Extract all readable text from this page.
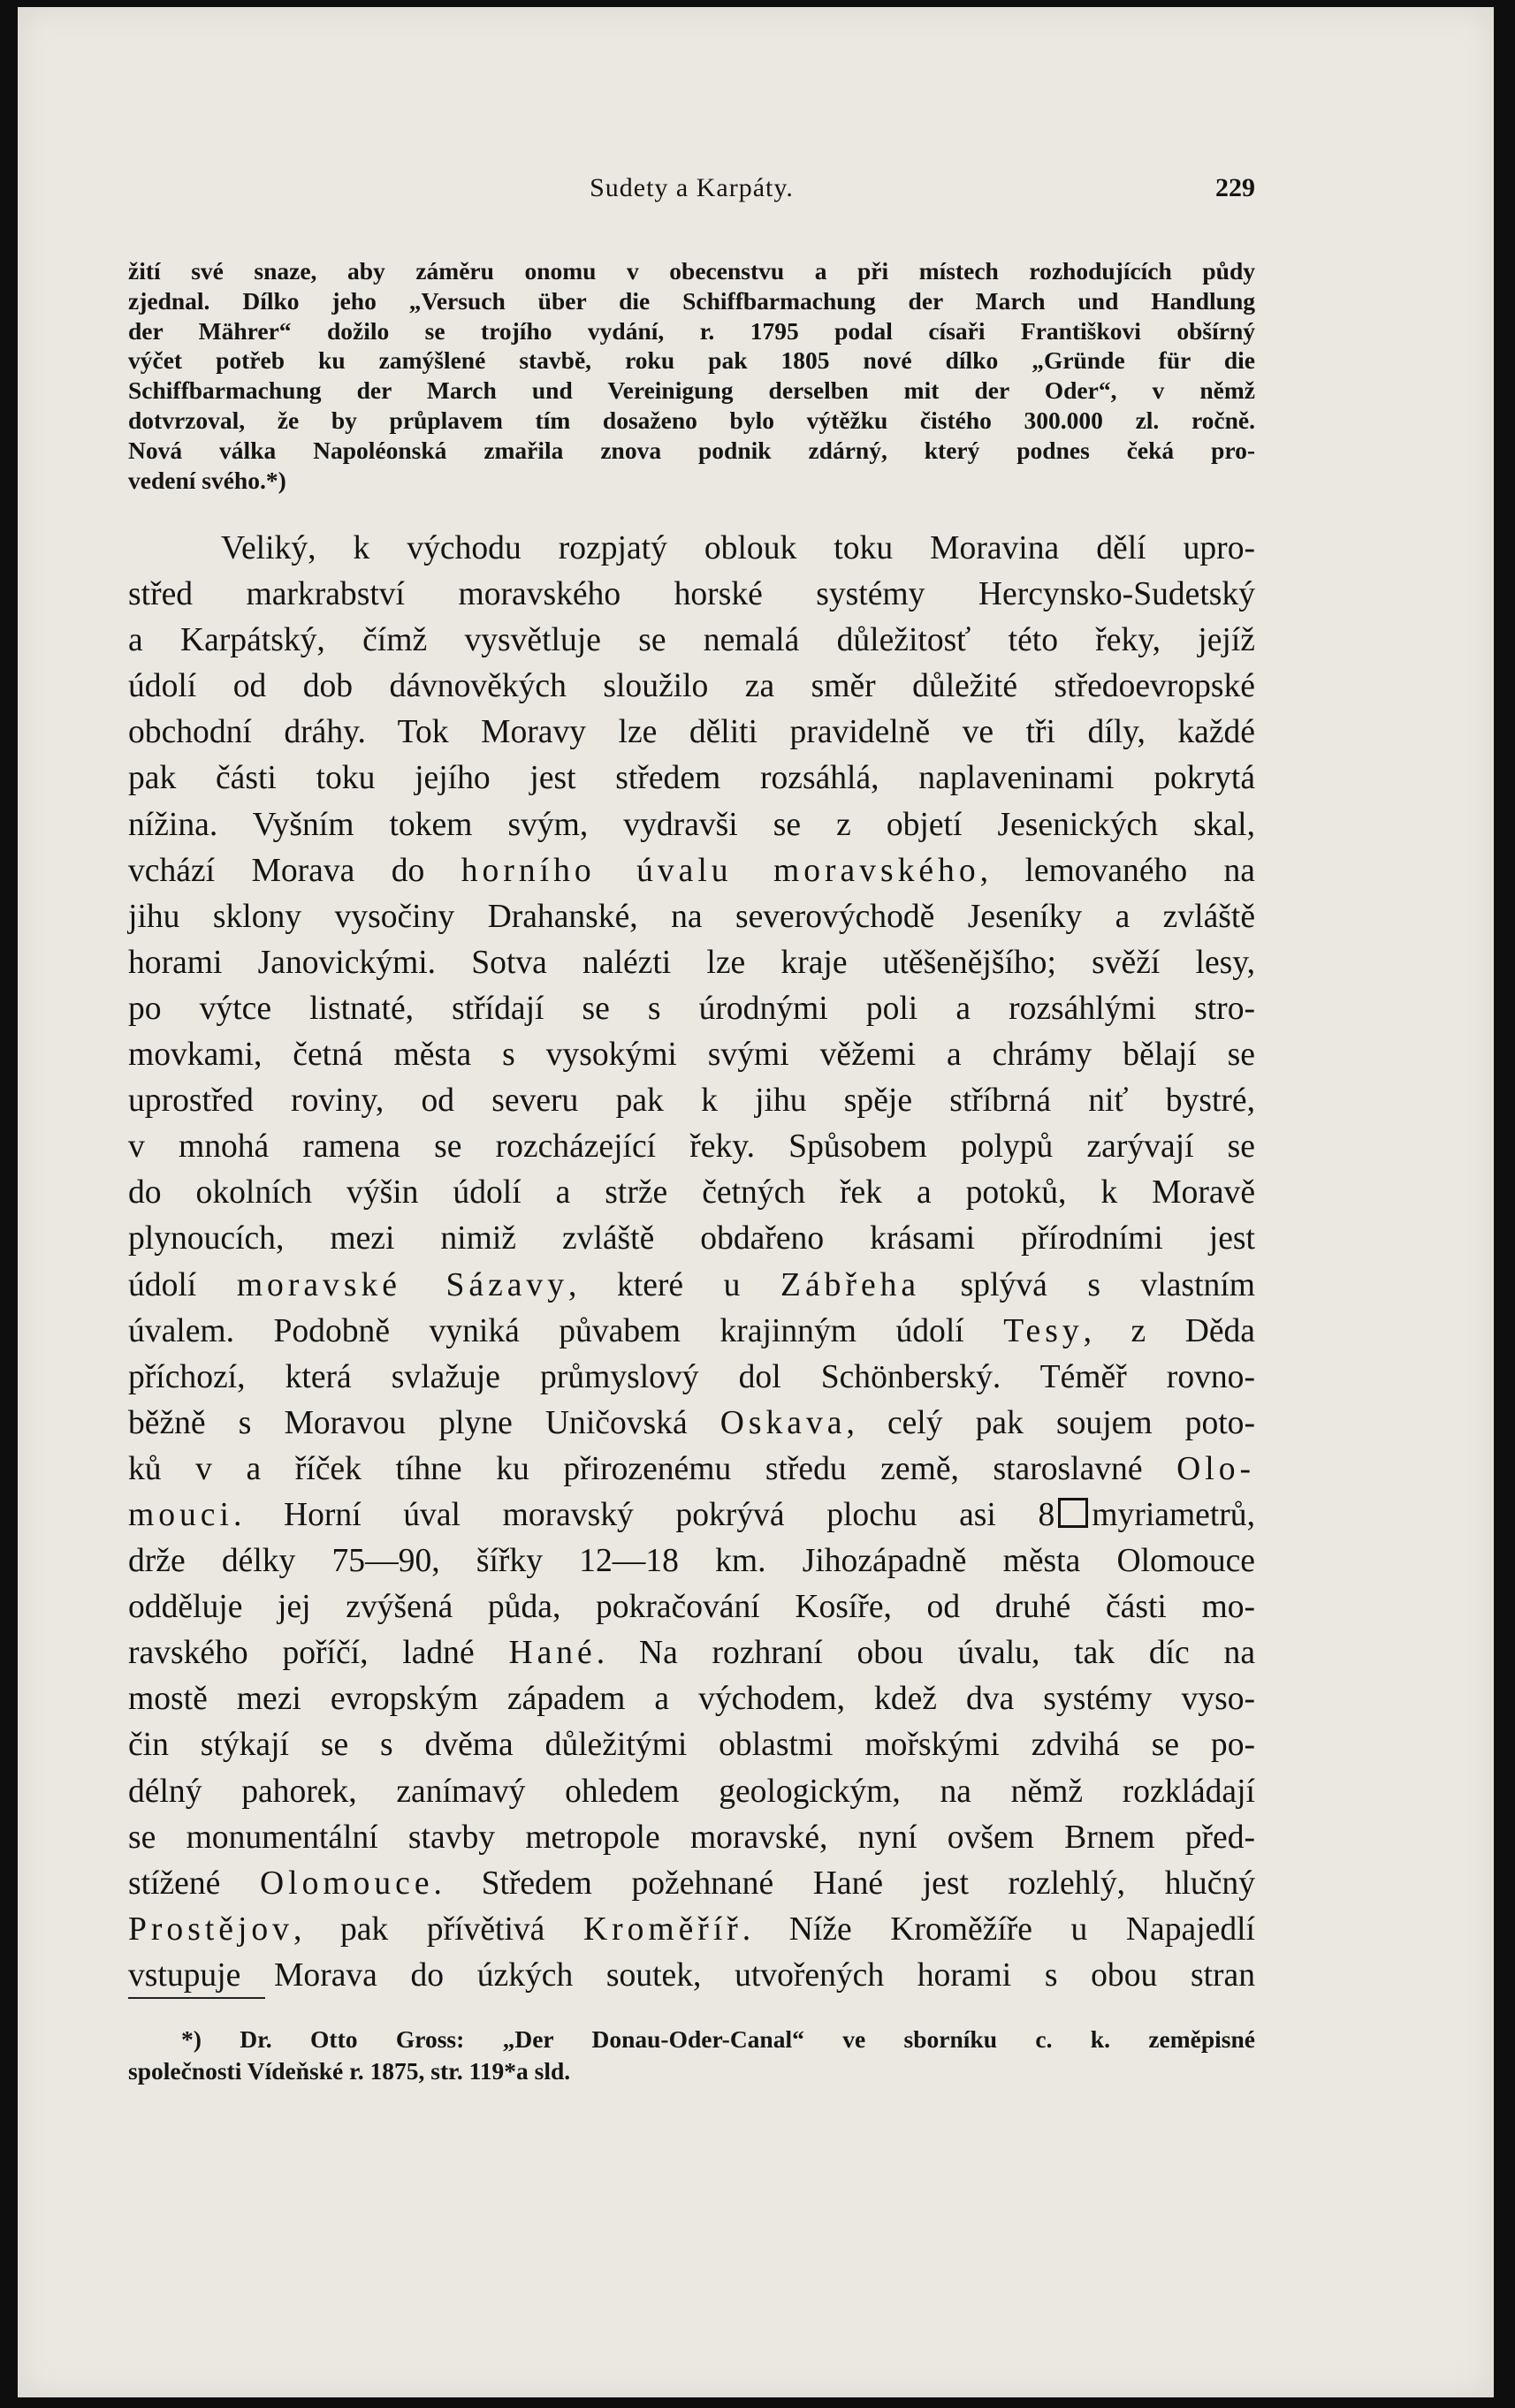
Sudety a Karpáty.	229
žití své snaze, aby záměru onomu v obecenstvu a při místech rozhodujících půdy
zjednal. Dílko jeho „Versuch über die Schiffbarmachung der March und Handlung
der Mährer“ dožilo se trojího vydání, r. 1795 podal císaři Františkovi obšírný
výčet potřeb ku zamýšlené stavbě, roku pak 1805 nové dílko „Gründe für die
Schiffbarmachung der March und Vereinigung derselben mit der Oder“, v němž
dotvrzoval, že by průplavem tím dosaženo bylo výtěžku čistého 300.000 zl. ročně.
Nová válka Napoléonská zmařila znova podnik zdárný, který podnes čeká pro-
vedení svého.*)
Veliký, k východu rozpjatý oblouk toku Moravina dělí upro-
střed markrabství moravského horské systémy Hercynsko-Sudetský
a Karpátský, čímž vysvětluje se nemalá důležitosť této řeky, jejíž
údolí od dob dávnověkých sloužilo za směr důležité středoevropské
obchodní dráhy. Tok Moravy lze děliti pravidelně ve tři díly, každé
pak části toku jejího jest středem rozsáhlá, naplaveninami pokrytá
nížina. Vyšním tokem svým, vydravši se z objetí Jesenických skal,
vchází Morava do horního úvalu moravského, lemovaného na
jihu sklony vysočiny Drahanské, na severovýchodě Jeseníky a zvláště
horami Janovickými. Sotva nalézti lze kraje utěšenějšího; svěží lesy,
po výtce listnaté, střídají se s úrodnými poli a rozsáhlými stro-
movkami, četná města s vysokými svými věžemi a chrámy bělají se
uprostřed roviny, od severu pak k jihu spěje stříbrná niť bystré,
v mnohá ramena se rozcházející řeky. Spůsobem polypů zarývají se
do okolních výšin údolí a strže četných řek a potoků, k Moravě
plynoucích, mezi nimiž zvláště obdařeno krásami přírodními jest
údolí moravské Sázavy, které u Zábřeha splývá s vlastním
úvalem. Podobně vyniká půvabem krajinným údolí Tesy, z Děda
příchozí, která svlažuje průmyslový dol Schönberský. Téměř rovno-
běžně s Moravou plyne Uničovská Oskava, celý pak soujem poto-
ků v a říček tíhne ku přirozenému středu země, staroslavné Olo-
mouci. Horní úval moravský pokrývá plochu asi 8 myriametrů,
drže délky 75—90, šířky 12—18 km. Jihozápadně města Olomouce
odděluje jej zvýšená půda, pokračování Kosíře, od druhé části mo-
ravského poříčí, ladné Hané. Na rozhraní obou úvalu, tak díc na
mostě mezi evropským západem a východem, kdež dva systémy vyso-
čin stýkají se s dvěma důležitými oblastmi mořskými zdvihá se po-
délný pahorek, zanímavý ohledem geologickým, na němž rozkládají
se monumentální stavby metropole moravské, nyní ovšem Brnem před-
stížené Olomouce. Středem požehnané Hané jest rozlehlý, hlučný
Prostějov, pak přívětivá Kroměříř. Níže Kroměžíře u Napajedlí
vstupuje Morava do úzkých soutek, utvořených horami s obou stran
*) Dr. Otto Gross: „Der Donau-Oder-Canal“ ve sborníku c. k. zeměpisné
společnosti Vídeňské r. 1875, str. 119*a sld.
